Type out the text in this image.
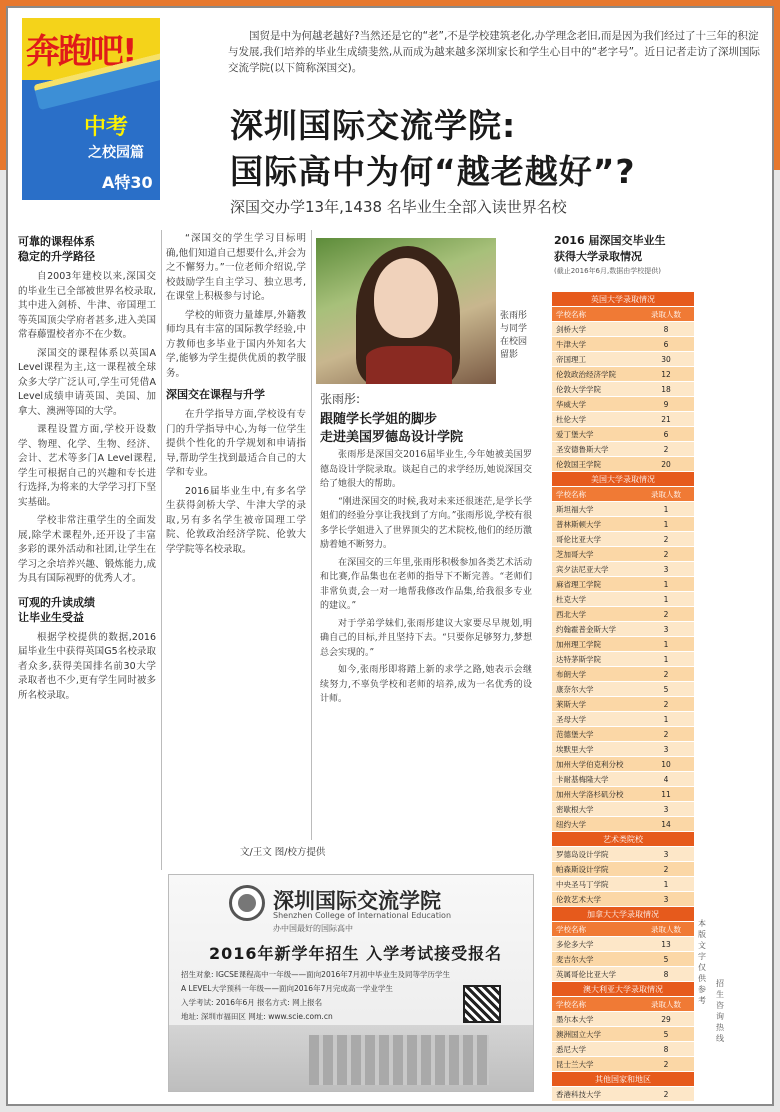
奔跑吧!
中考
之校园篇
A特30
国贸是中为何越老越好?当然还是它的“老”,不是学校建筑老化,办学理念老旧,而是因为我们经过了十三年的积淀与发展,我们培养的毕业生成绩斐然,从而成为越来越多深圳家长和学生心目中的“老字号”。近日记者走访了深圳国际交流学院(以下简称深国交)。
深圳国际交流学院:
国际高中为何“越老越好”?
深国交办学13年,1438 名毕业生全部入读世界名校
可靠的课程体系
稳定的升学路径

自2003年建校以来,深国交的毕业生已全部被世界名校录取,其中进入剑桥、牛津、帝国理工等英国顶尖学府者甚多,进入美国常春藤盟校者亦不在少数。

深国交的课程体系以英国A Level课程为主,这一课程被全球众多大学广泛认可,学生可凭借A Level成绩申请英国、美国、加拿大、澳洲等国的大学。

课程设置方面,学校开设数学、物理、化学、生物、经济、会计、艺术等多门A Level课程,学生可根据自己的兴趣和专长进行选择,为将来的大学学习打下坚实基础。

学校非常注重学生的全面发展,除学术课程外,还开设了丰富多彩的课外活动和社团,让学生在学习之余培养兴趣、锻炼能力,成为具有国际视野的优秀人才。

可观的升读成绩
让毕业生受益

根据学校提供的数据,2016届毕业生中获得英国G5名校录取者众多,获得美国排名前30大学录取者也不少,更有学生同时被多所名校录取。

“深国交的学生学习目标明确,他们知道自己想要什么,并会为之不懈努力。”一位老师介绍说,学校鼓励学生自主学习、独立思考,在课堂上积极参与讨论。

学校的师资力量雄厚,外籍教师均具有丰富的国际教学经验,中方教师也多毕业于国内外知名大学,能够为学生提供优质的教学服务。

深国交在课程与升学

在升学指导方面,学校设有专门的升学指导中心,为每一位学生提供个性化的升学规划和申请指导,帮助学生找到最适合自己的大学和专业。

2016届毕业生中,有多名学生获得剑桥大学、牛津大学的录取,另有多名学生被帝国理工学院、伦敦政治经济学院、伦敦大学学院等名校录取。

张雨彤与同学在校园留影
张雨彤:
跟随学长学姐的脚步
走进美国罗德岛设计学院

张雨彤是深国交2016届毕业生,今年她被美国罗德岛设计学院录取。谈起自己的求学经历,她说深国交给了她很大的帮助。

“刚进深国交的时候,我对未来还很迷茫,是学长学姐们的经验分享让我找到了方向。”张雨彤说,学校有很多学长学姐进入了世界顶尖的艺术院校,他们的经历激励着她不断努力。

在深国交的三年里,张雨彤积极参加各类艺术活动和比赛,作品集也在老师的指导下不断完善。“老师们非常负责,会一对一地帮我修改作品集,给我很多专业的建议。”

对于学弟学妹们,张雨彤建议大家要尽早规划,明确自己的目标,并且坚持下去。“只要你足够努力,梦想总会实现的。”

如今,张雨彤即将踏上新的求学之路,她表示会继续努力,不辜负学校和老师的培养,成为一名优秀的设计师。

文/王文 图/校方提供
深圳国际交流学院
Shenzhen College of International Education
办中国最好的国际高中
2016年新学年招生 入学考试接受报名
招生对象: IGCSE课程高中一年级——面向2016年7月初中毕业生及同等学历学生
A LEVEL大学预科一年级——面向2016年7月完成高一学业学生
入学考试: 2016年6月 报名方式: 网上报名
地址: 深圳市福田区 网址: www.scie.com.cn
2016 届深国交毕业生
获得大学录取情况
(截止2016年6月,数据由学校提供)
英国大学录取情况
学校名称	录取人数
剑桥大学	8
牛津大学	6
帝国理工	30
伦敦政治经济学院	12
伦敦大学学院	18
华威大学	9
杜伦大学	21
爱丁堡大学	6
圣安德鲁斯大学	2
伦敦国王学院	20
美国大学录取情况
学校名称	录取人数
斯坦福大学	1
普林斯顿大学	1
哥伦比亚大学	2
芝加哥大学	2
宾夕法尼亚大学	3
麻省理工学院	1
杜克大学	1
西北大学	2
约翰霍普金斯大学	3
加州理工学院	1
达特茅斯学院	1
布朗大学	2
康奈尔大学	5
莱斯大学	2
圣母大学	1
范德堡大学	2
埃默里大学	3
加州大学伯克利分校	10
卡耐基梅隆大学	4
加州大学洛杉矶分校	11
密歇根大学	3
纽约大学	14
艺术类院校
罗德岛设计学院	3
帕森斯设计学院	2
中央圣马丁学院	1
伦敦艺术大学	3
加拿大大学录取情况
学校名称	录取人数
多伦多大学	13
麦吉尔大学	5
英属哥伦比亚大学	8
澳大利亚大学录取情况
学校名称	录取人数
墨尔本大学	29
澳洲国立大学	5
悉尼大学	8
昆士兰大学	2
其他国家和地区
香港科技大学	2
本版文字仅供参考
招生咨询热线
